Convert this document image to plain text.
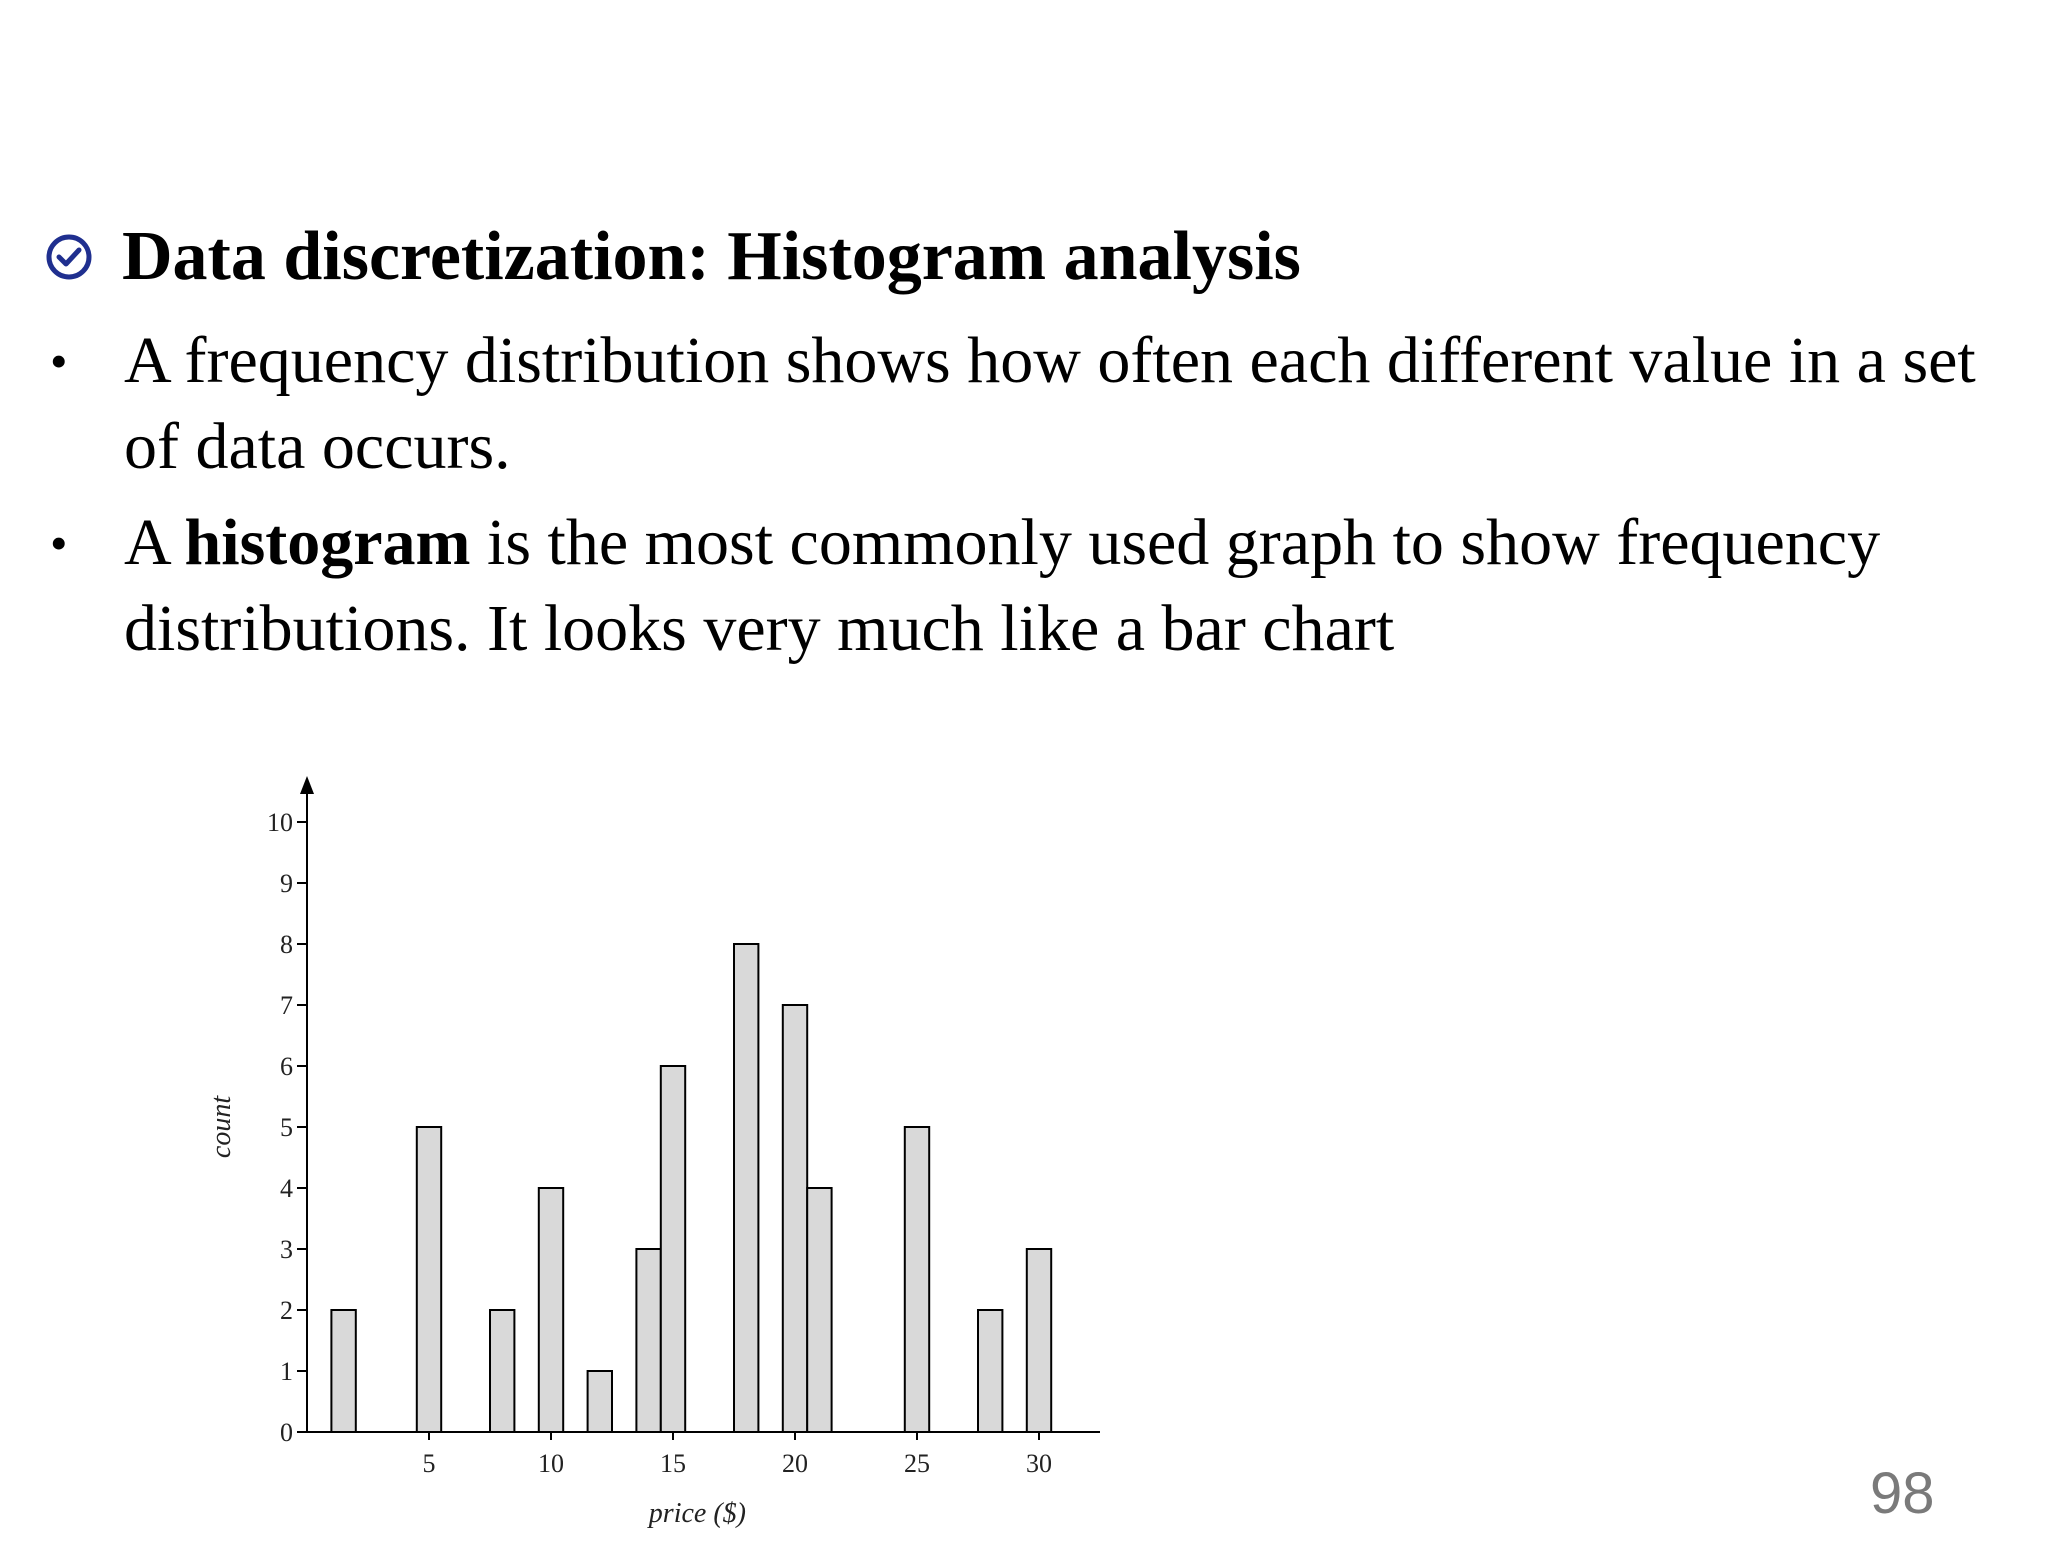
Data discretization: Histogram analysis
• A frequency distribution shows how often each different value in a set of data occurs.
• A histogram is the most commonly used graph to show frequency distributions. It looks very much like a bar chart
0
1
2
3
4
5
6
7
8
9
10
5	10	15	20	25	30
price ($)
count
98
